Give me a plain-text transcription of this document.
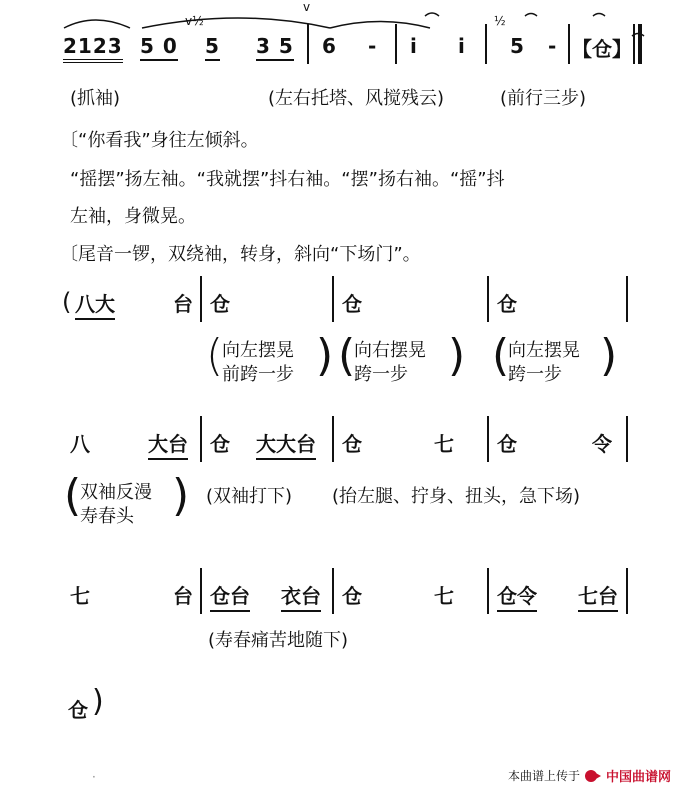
2123 5 0
v½
5 3 5
v
6 - i i
½
5 - 【仓】
(抓袖)	(左右托塔、风搅残云)	(前行三步)
〔“你看我”身往左倾斜。
“摇摆”扬左袖。“我就摆”抖右袖。“摆”扬右袖。“摇”抖
左袖，身微晃。
〔尾音一锣，双绕袖，转身，斜向“下场门”。
( 八大	台 仓	仓	仓
(
向左摆晃
前跨一步 ) (
向右摆晃
跨一步 ) (
向左摆晃
跨一步 )
八	大台 仓 大大台 仓	七 仓	令
(
双袖反漫
寿春头 ) (双袖打下) (抬左腿、拧身、扭头，急下场)
七	台 仓台 衣台 仓	七 仓令 七台
(寿春痛苦地随下)
仓 )
·	本曲谱上传于 中国曲谱网
